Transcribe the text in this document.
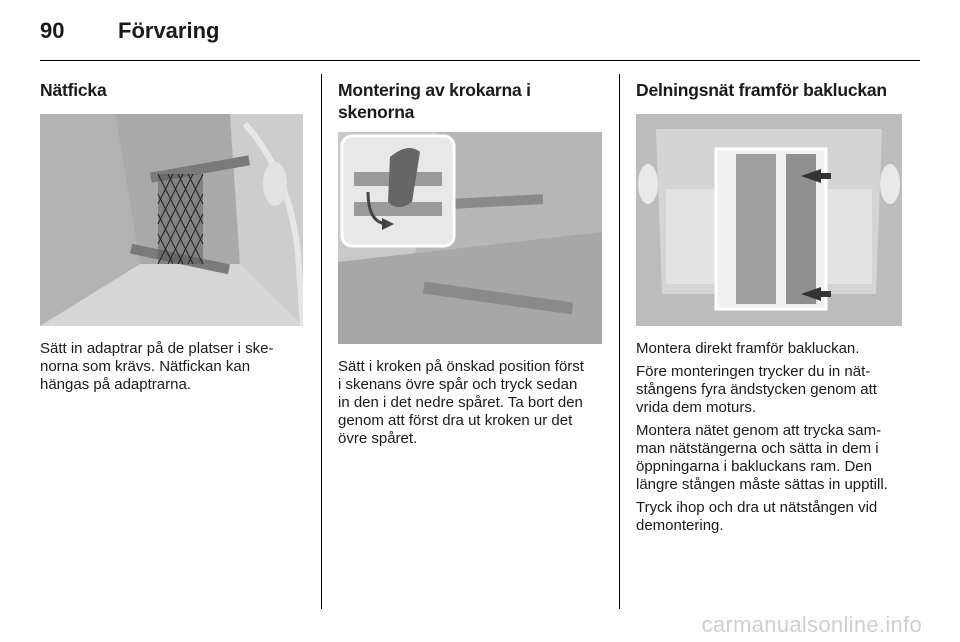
90 Förvaring
Nätficka

Sätt in adaptrar på de platser i ske-
norna som krävs. Nätfickan kan
hängas på adaptrarna.

Montering av krokarna i
skenorna

Sätt i kroken på önskad position först
i skenans övre spår och tryck sedan
in den i det nedre spåret. Ta bort den
genom att först dra ut kroken ur det
övre spåret.

Delningsnät framför bakluckan

Montera direkt framför bakluckan.

Före monteringen trycker du in nät-
stångens fyra ändstycken genom att
vrida dem moturs.

Montera nätet genom att trycka sam-
man nätstängerna och sätta in dem i
öppningarna i bakluckans ram. Den
längre stången måste sättas in upptill.

Tryck ihop och dra ut nätstången vid
demontering.

carmanualsonline.info
